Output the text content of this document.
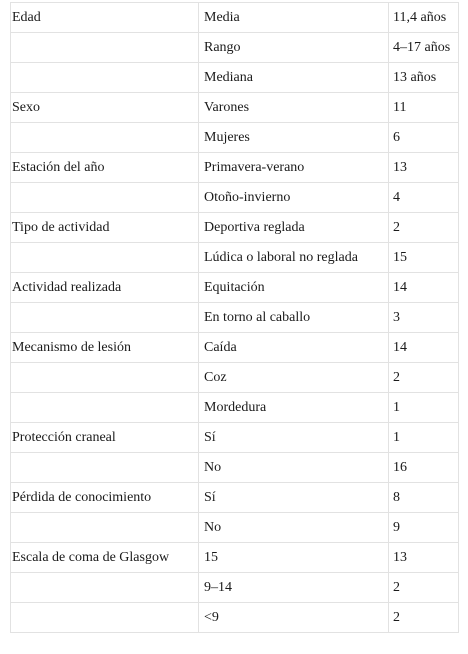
Edad	Media	11,4 años

	Rango	4–17 años

	Mediana	13 años

Sexo	Varones	11

	Mujeres	6

Estación del año	Primavera-verano	13

	Otoño-invierno	4

Tipo de actividad	Deportiva reglada	2

	Lúdica o laboral no reglada	15

Actividad realizada	Equitación	14

	En torno al caballo	3

Mecanismo de lesión	Caída	14

	Coz	2

	Mordedura	1

Protección craneal	Sí	1

	No	16

Pérdida de conocimiento	Sí	8

	No	9

Escala de coma de Glasgow	15	13

	9–14	2

	<9	2
